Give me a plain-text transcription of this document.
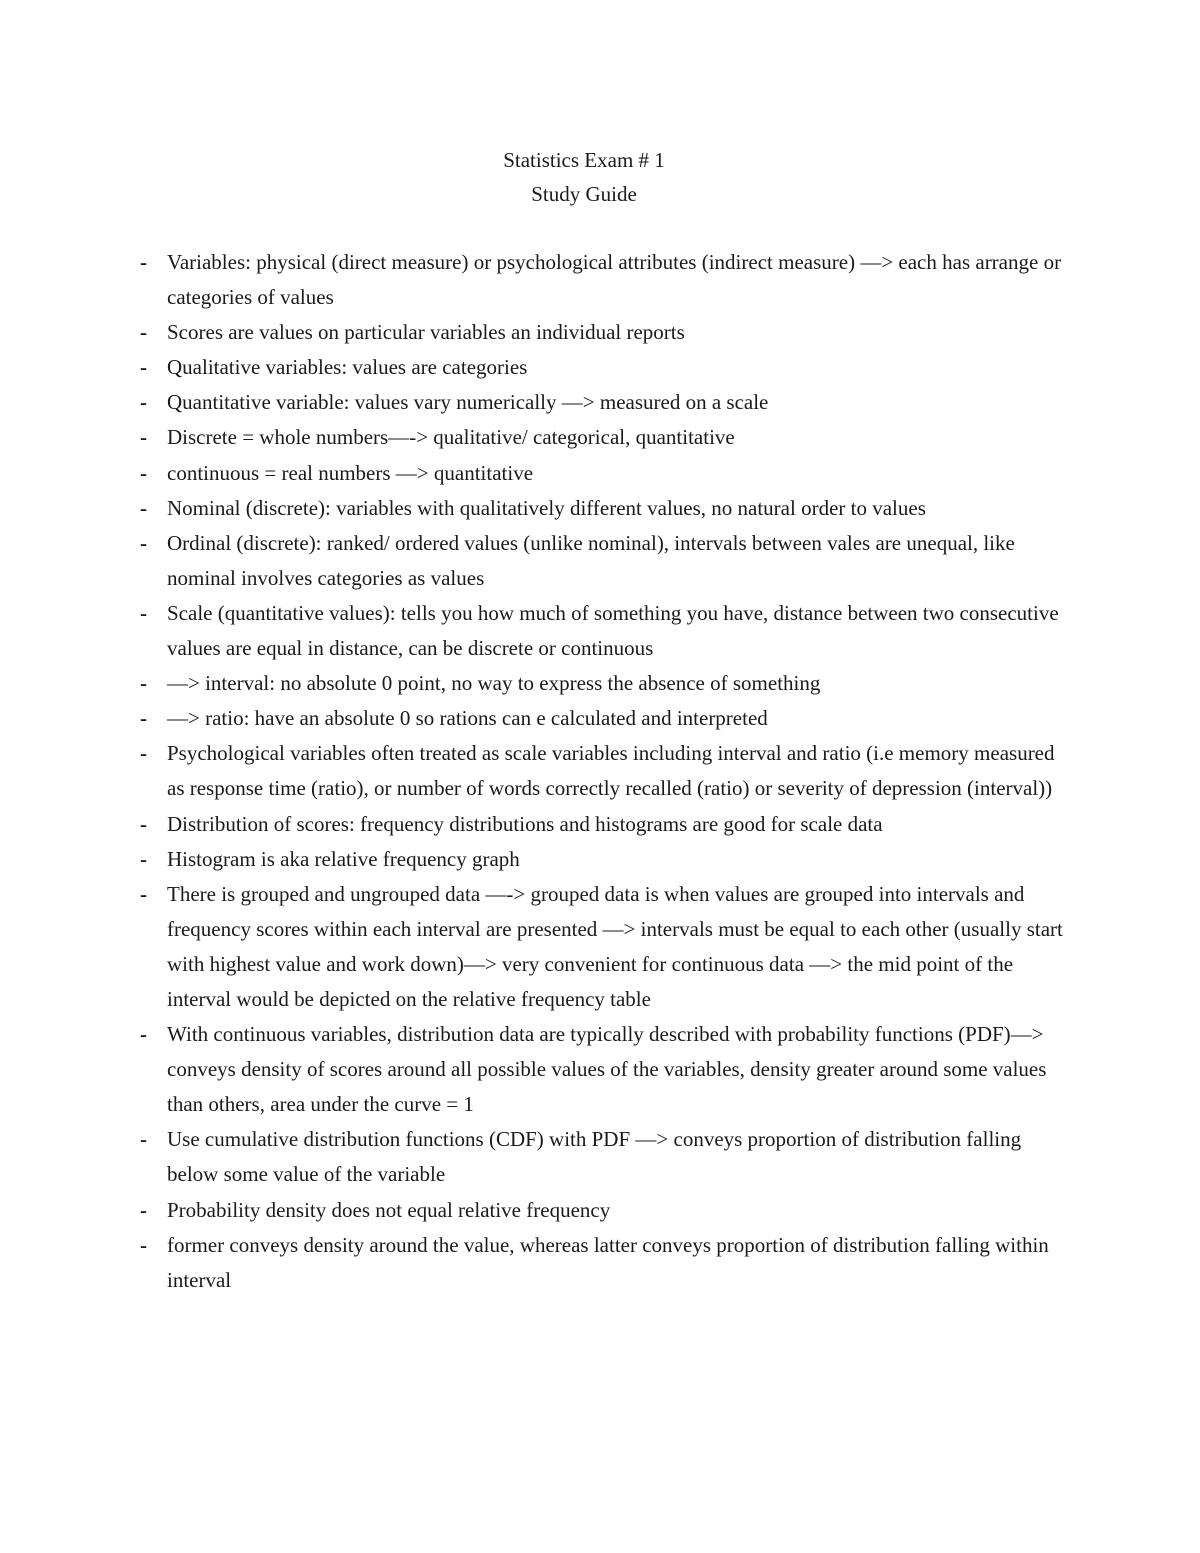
Statistics Exam # 1
Study Guide
- Variables: physical (direct measure) or psychological attributes (indirect measure) —> each has arrange or categories of values
- Scores are values on particular variables an individual reports
- Qualitative variables: values are categories
- Quantitative variable: values vary numerically —> measured on a scale
- Discrete = whole numbers—-> qualitative/ categorical, quantitative
- continuous = real numbers —> quantitative
- Nominal (discrete): variables with qualitatively different values, no natural order to values
- Ordinal (discrete): ranked/ ordered values (unlike nominal), intervals between vales are unequal, like nominal involves categories as values
- Scale (quantitative values): tells you how much of something you have, distance between two consecutive values are equal in distance, can be discrete or continuous
- —> interval: no absolute 0 point, no way to express the absence of something
- —> ratio: have an absolute 0 so rations can e calculated and interpreted
- Psychological variables often treated as scale variables including interval and ratio (i.e memory measured as response time (ratio), or number of words correctly recalled (ratio) or severity of depression (interval))
- Distribution of scores: frequency distributions and histograms are good for scale data
- Histogram is aka relative frequency graph
- There is grouped and ungrouped data —-> grouped data is when values are grouped into intervals and frequency scores within each interval are presented —> intervals must be equal to each other (usually start with highest value and work down)—> very convenient for continuous data —> the mid point of the interval would be depicted on the relative frequency table
- With continuous variables, distribution data are typically described with probability functions (PDF)—> conveys density of scores around all possible values of the variables, density greater around some values than others, area under the curve = 1
- Use cumulative distribution functions (CDF) with PDF —> conveys proportion of distribution falling below some value of the variable
- Probability density does not equal relative frequency
- former conveys density around the value, whereas latter conveys proportion of distribution falling within interval
